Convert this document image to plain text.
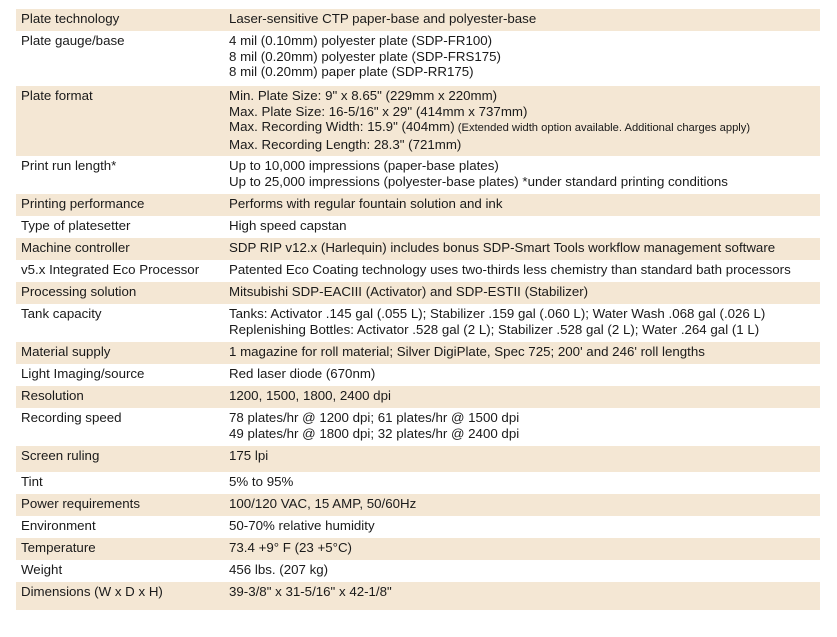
Plate technology	Laser-sensitive CTP paper-base and polyester-base

Plate gauge/base	4 mil (0.10mm) polyester plate (SDP-FR100)
8 mil (0.20mm) polyester plate (SDP-FRS175)
8 mil (0.20mm) paper plate (SDP-RR175)

Plate format	Min. Plate Size: 9" x 8.65" (229mm x 220mm)
Max. Plate Size: 16-5/16" x 29" (414mm x 737mm)
Max. Recording Width: 15.9" (404mm) (Extended width option available. Additional charges apply)
Max. Recording Length: 28.3" (721mm)

Print run length*	Up to 10,000 impressions (paper-base plates)
Up to 25,000 impressions (polyester-base plates) *under standard printing conditions

Printing performance	Performs with regular fountain solution and ink

Type of platesetter	High speed capstan

Machine controller	SDP RIP v12.x (Harlequin) includes bonus SDP-Smart Tools workflow management software

v5.x Integrated Eco Processor	Patented Eco Coating technology uses two-thirds less chemistry than standard bath processors

Processing solution	Mitsubishi SDP-EACIII (Activator) and SDP-ESTII (Stabilizer)

Tank capacity	Tanks: Activator .145 gal (.055 L); Stabilizer .159 gal (.060 L); Water Wash .068 gal (.026 L)
Replenishing Bottles: Activator .528 gal (2 L); Stabilizer .528 gal (2 L); Water .264 gal (1 L)

Material supply	1 magazine for roll material; Silver DigiPlate, Spec 725; 200' and 246' roll lengths

Light Imaging/source	Red laser diode (670nm)

Resolution	1200, 1500, 1800, 2400 dpi

Recording speed	78 plates/hr @ 1200 dpi; 61 plates/hr @ 1500 dpi
49 plates/hr @ 1800 dpi; 32 plates/hr @ 2400 dpi

Screen ruling	175 lpi

Tint	5% to 95%

Power requirements	100/120 VAC, 15 AMP, 50/60Hz

Environment	50-70% relative humidity

Temperature	73.4 +9° F (23 +5°C)

Weight	456 lbs. (207 kg)

Dimensions (W x D x H)	39-3/8" x 31-5/16" x 42-1/8"
